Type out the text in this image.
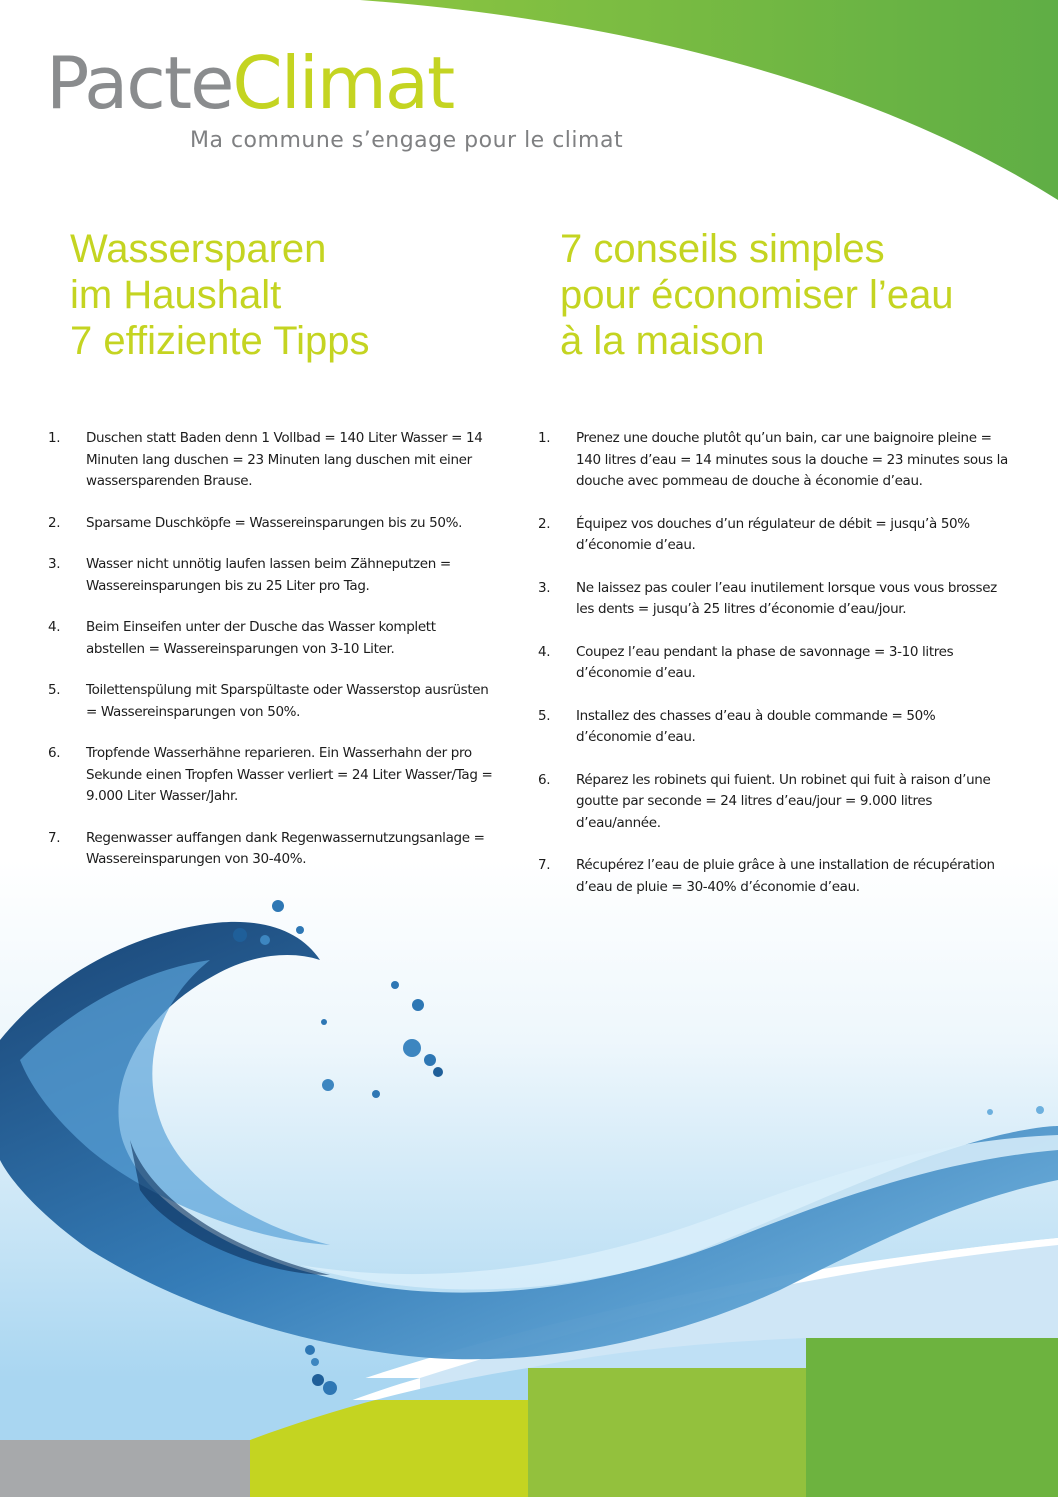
PacteClimat
Ma commune s’engage pour le climat
Wassersparen
im Haushalt
7 effiziente Tipps
7 conseils simples
pour économiser l’eau
à la maison
1.	Duschen statt Baden denn 1 Vollbad = 140 Liter Wasser = 14 Minuten lang duschen = 23 Minuten lang duschen mit einer wassersparenden Brause.
2.	Sparsame Duschköpfe = Wassereinsparungen bis zu 50%.
3.	Wasser nicht unnötig laufen lassen beim Zähneputzen = Wassereinsparungen bis zu 25 Liter pro Tag.
4.	Beim Einseifen unter der Dusche das Wasser komplett abstellen = Wassereinsparungen von 3-10 Liter.
5.	Toilettenspülung mit Sparspültaste oder Wasserstop ausrüsten = Wassereinsparungen von 50%.
6.	Tropfende Wasserhähne reparieren. Ein Wasserhahn der pro Sekunde einen Tropfen Wasser verliert = 24 Liter Wasser/Tag = 9.000 Liter Wasser/Jahr.
7.	Regenwasser auffangen dank Regenwassernutzungsanlage = Wassereinsparungen von 30-40%.
1.	Prenez une douche plutôt qu’un bain, car une baignoire pleine = 140 litres d’eau = 14 minutes sous la douche = 23 minutes sous la douche avec pommeau de douche à économie d’eau.
2.	Équipez vos douches d’un régulateur de débit = jusqu’à 50% d’économie d’eau.
3.	Ne laissez pas couler l’eau inutilement lorsque vous vous brossez les dents = jusqu’à 25 litres d’économie d’eau/jour.
4.	Coupez l’eau pendant la phase de savonnage = 3-10 litres d’économie d’eau.
5.	Installez des chasses d’eau à double commande = 50% d’économie d’eau.
6.	Réparez les robinets qui fuient. Un robinet qui fuit à raison d’une goutte par seconde = 24 litres d’eau/jour = 9.000 litres d’eau/année.
7.	Récupérez l’eau de pluie grâce à une installation de récupération d’eau de pluie = 30-40% d’économie d’eau.
